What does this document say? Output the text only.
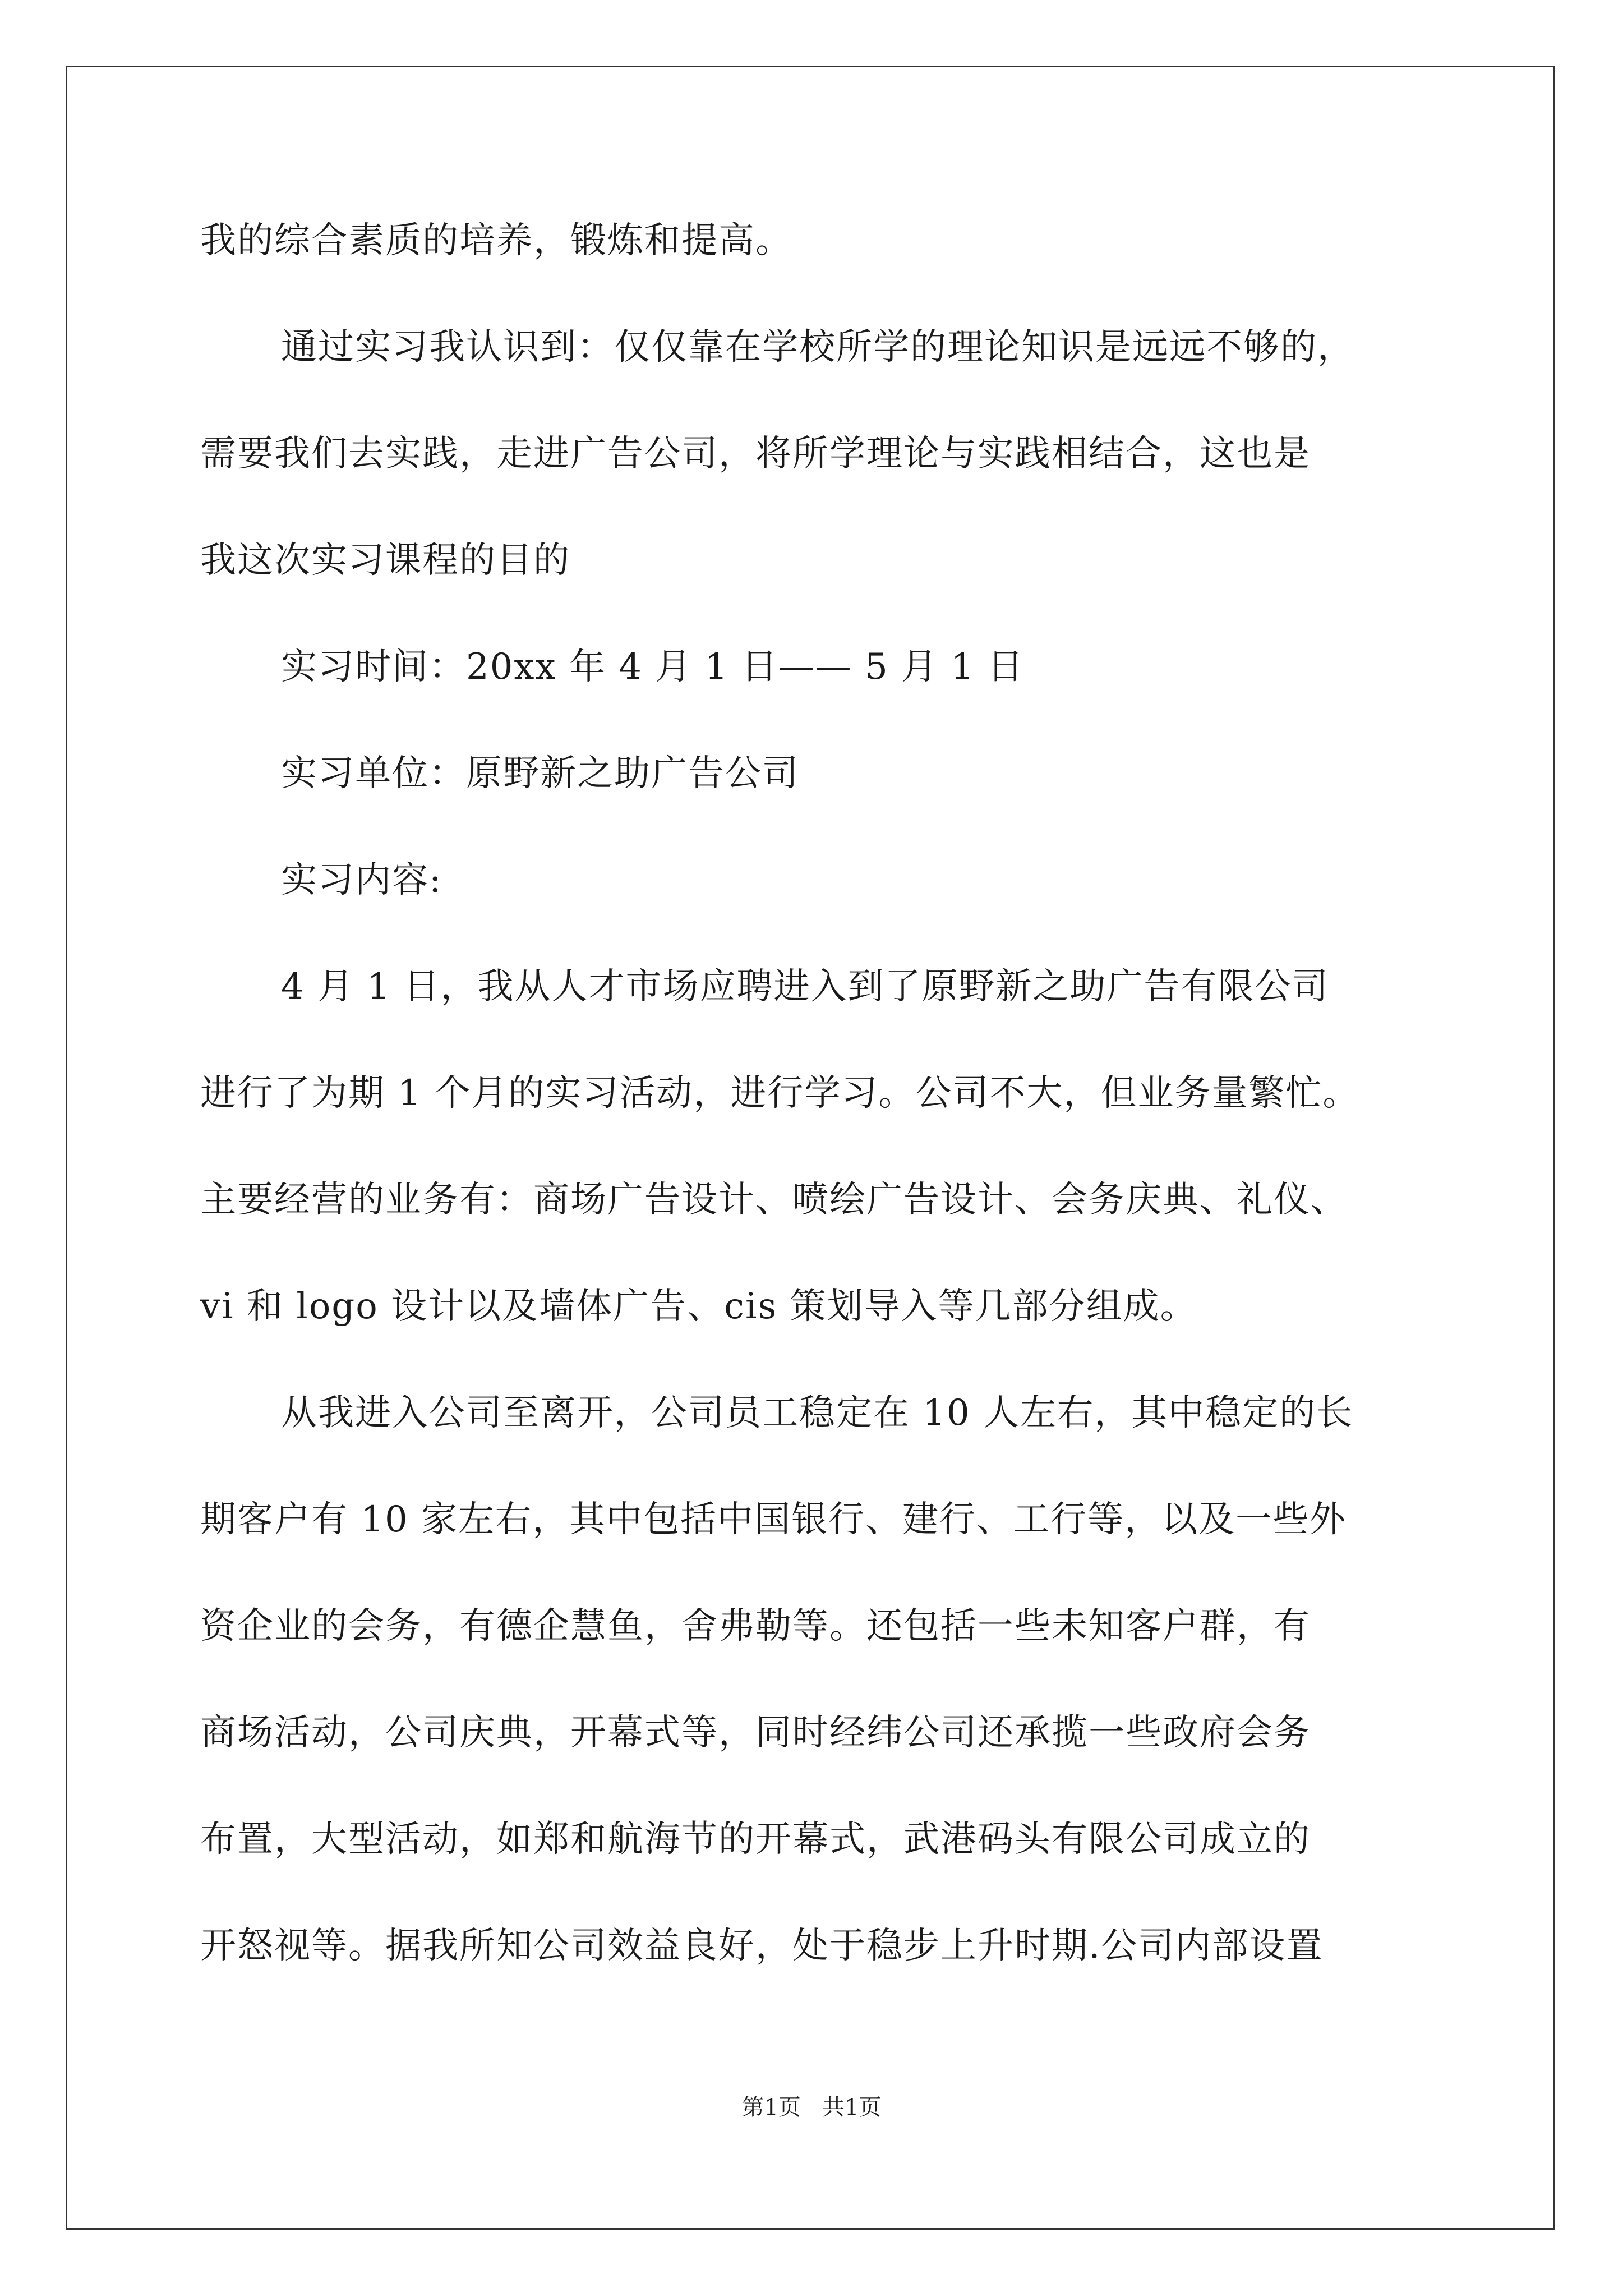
我的综合素质的培养，锻炼和提高。
通过实习我认识到：仅仅靠在学校所学的理论知识是远远不够的，
需要我们去实践，走进广告公司，将所学理论与实践相结合，这也是
我这次实习课程的目的
实习时间：20xx 年 4 月 1 日—— 5 月 1 日
实习单位：原野新之助广告公司
实习内容:
4 月 1 日，我从人才市场应聘进入到了原野新之助广告有限公司
进行了为期 1 个月的实习活动，进行学习。公司不大，但业务量繁忙。
主要经营的业务有：商场广告设计、喷绘广告设计、会务庆典、礼仪、
vi 和 logo 设计以及墙体广告、cis 策划导入等几部分组成。
从我进入公司至离开，公司员工稳定在 10 人左右，其中稳定的长
期客户有 10 家左右，其中包括中国银行、建行、工行等，以及一些外
资企业的会务，有德企慧鱼，舍弗勒等。还包括一些未知客户群，有
商场活动，公司庆典，开幕式等，同时经纬公司还承揽一些政府会务
布置，大型活动，如郑和航海节的开幕式，武港码头有限公司成立的
开怒视等。据我所知公司效益良好，处于稳步上升时期.公司内部设置
第1页   共1页
